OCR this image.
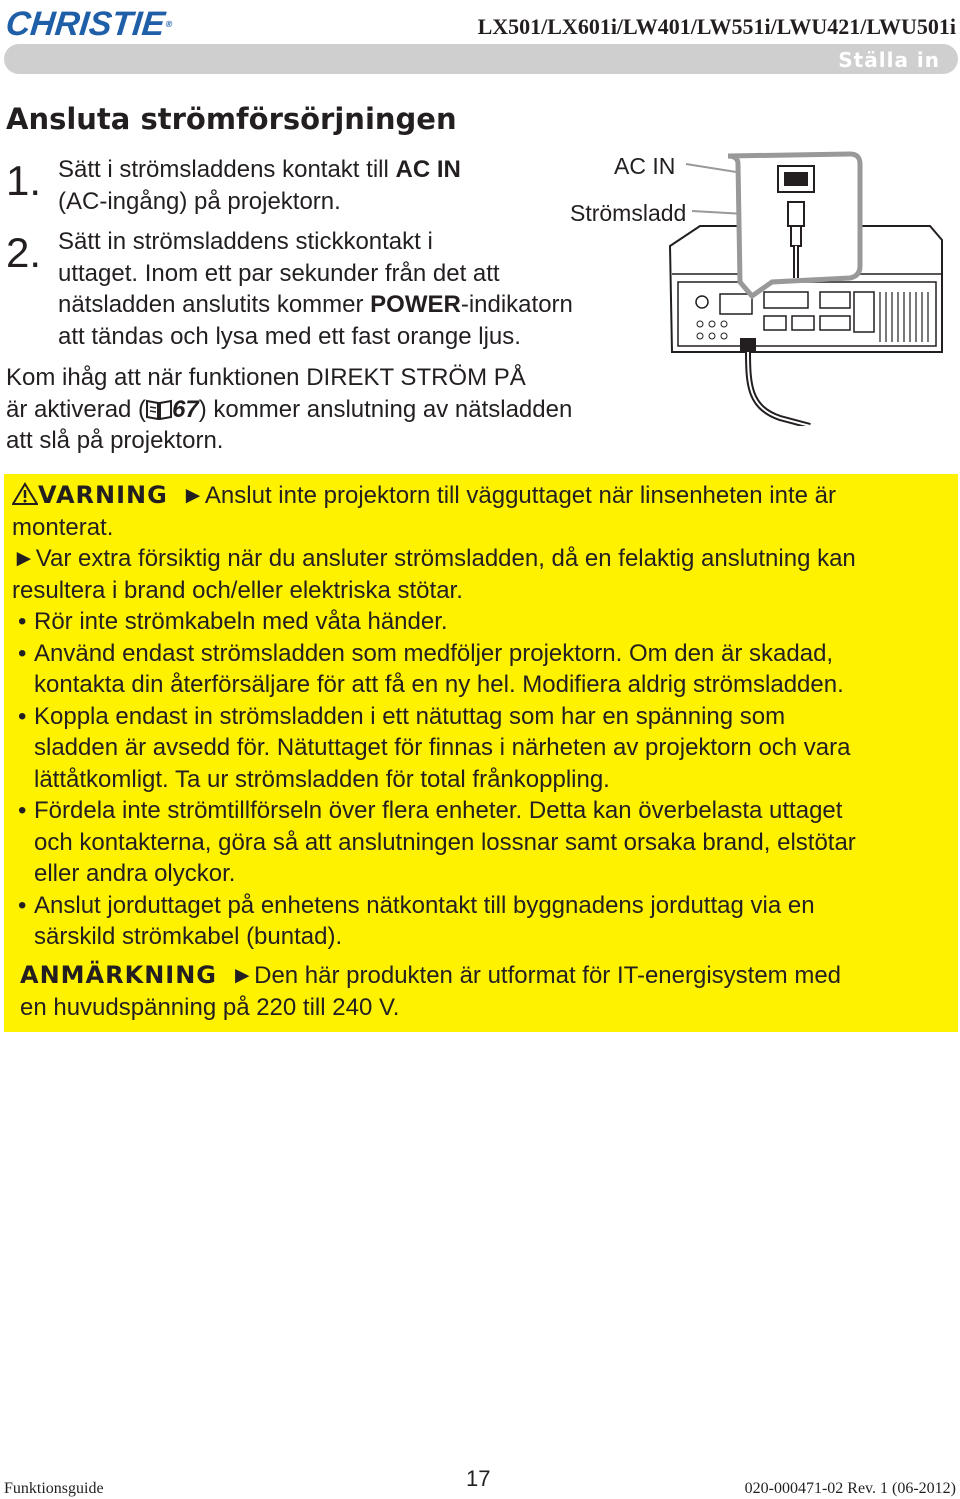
CHRISTIE®	LX501/LX601i/LW401/LW551i/LWU421/LWU501i
Ställa in
Ansluta strömförsörjningen
1. Sätt i strömsladdens kontakt till AC IN
(AC-ingång) på projektorn.
2. Sätt in strömsladdens stickkontakt i
uttaget. Inom ett par sekunder från det att
nätsladden anslutits kommer POWER-indikatorn
att tändas och lysa med ett fast orange ljus.
Kom ihåg att när funktionen DIREKT STRÖM PÅ
är aktiverad ( 67) kommer anslutning av nätsladden
att slå på projektorn.
AC IN
Strömsladd
VARNING ►Anslut inte projektorn till vägguttaget när linsenheten inte är
monterat.
►Var extra försiktig när du ansluter strömsladden, då en felaktig anslutning kan
resultera i brand och/eller elektriska stötar.
• Rör inte strömkabeln med våta händer.
• Använd endast strömsladden som medföljer projektorn. Om den är skadad,
kontakta din återförsäljare för att få en ny hel. Modifiera aldrig strömsladden.
• Koppla endast in strömsladden i ett nätuttag som har en spänning som
sladden är avsedd för. Nätuttaget för finnas i närheten av projektorn och vara
lättåtkomligt. Ta ur strömsladden för total frånkoppling.
• Fördela inte strömtillförseln över flera enheter. Detta kan överbelasta uttaget
och kontakterna, göra så att anslutningen lossnar samt orsaka brand, elstötar
eller andra olyckor.
• Anslut jorduttaget på enhetens nätkontakt till byggnadens jorduttag via en
särskild strömkabel (buntad).
ANMÄRKNING ►Den här produkten är utformat för IT-energisystem med
en huvudspänning på 220 till 240 V.
Funktionsguide	17	020-000471-02 Rev. 1 (06-2012)
